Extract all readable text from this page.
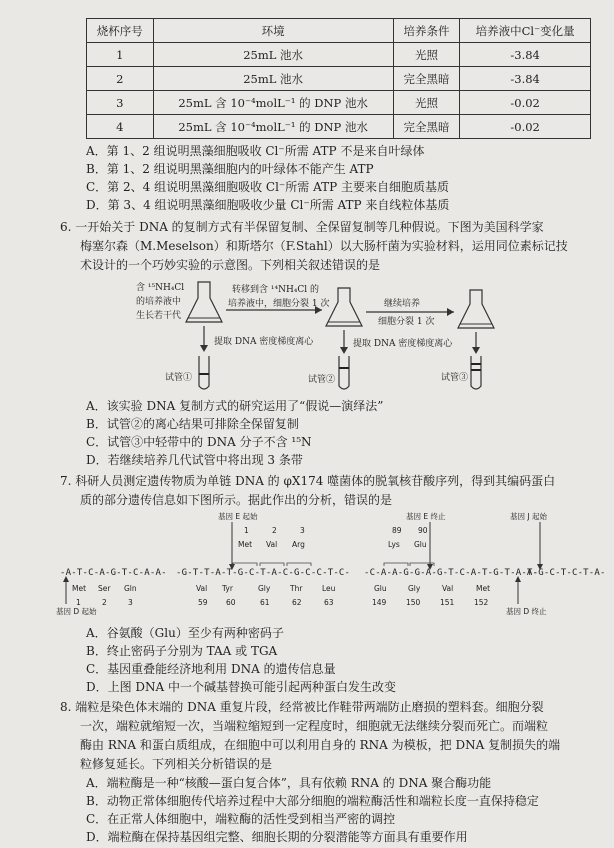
烧杯序号	环境	培养条件	培养液中Cl⁻变化量
1	25mL 池水	光照	-3.84
2	25mL 池水	完全黑暗	-3.84
3	25mL 含 10⁻⁴molL⁻¹ 的 DNP 池水	光照	-0.02
4	25mL 含 10⁻⁴molL⁻¹ 的 DNP 池水	完全黑暗	-0.02
A．第 1、2 组说明黑藻细胞吸收 Cl⁻所需 ATP 不是来自叶绿体
B．第 1、2 组说明黑藻细胞内的叶绿体不能产生 ATP
C．第 2、4 组说明黑藻细胞吸收 Cl⁻所需 ATP 主要来自细胞质基质
D．第 3、4 组说明黑藻细胞吸收少量 Cl⁻所需 ATP 来自线粒体基质
6. 一开始关于 DNA 的复制方式有半保留复制、全保留复制等几种假说。下图为美国科学家
梅塞尔森（M.Meselson）和斯塔尔（F.Stahl）以大肠杆菌为实验材料，运用同位素标记技
术设计的一个巧妙实验的示意图。下列相关叙述错误的是
含 ¹⁵NH₄Cl
的培养液中
生长若干代
转移到含 ¹⁴NH₄Cl 的
培养液中，细胞分裂 1 次	继续培养
细胞分裂 1 次
提取 DNA 密度梯度离心	提取 DNA 密度梯度离心
试管①	试管②	试管③
A．该实验 DNA 复制方式的研究运用了“假说—演绎法”
B．试管②的离心结果可排除全保留复制
C．试管③中轻带中的 DNA 分子不含 ¹⁵N
D．若继续培养几代试管中将出现 3 条带
7. 科研人员测定遗传物质为单链 DNA 的 φX174 噬菌体的脱氧核苷酸序列，得到其编码蛋白
质的部分遗传信息如下图所示。据此作出的分析，错误的是
基因 E 起始	基因 E 终止	基因 J 起始
1	2	3
Met Val Arg
89 90
Lys Glu
-A-T-C-A-G-T-C-A-A- -G-T-T-A-T-G-C-T-A-C-G-C-C-T-C- -C-A-A-G-G-A-G-T-C-A-T-G-T-A-A-
T-G-C-T-C-T-A-
Met Ser Gln
1	2	3
Val Tyr	Gly	Thr	Leu
59 60	61	62	63
Glu	Gly	Val	Met
149	150	151	152
基因 D 起始	基因 D 终止
A．谷氨酸（Glu）至少有两种密码子
B．终止密码子分别为 TAA 或 TGA
C．基因重叠能经济地利用 DNA 的遗传信息量
D．上图 DNA 中一个碱基替换可能引起两种蛋白发生改变
8. 端粒是染色体末端的 DNA 重复片段，经常被比作鞋带两端防止磨损的塑料套。细胞分裂
一次，端粒就缩短一次，当端粒缩短到一定程度时，细胞就无法继续分裂而死亡。而端粒
酶由 RNA 和蛋白质组成，在细胞中可以利用自身的 RNA 为模板，把 DNA 复制损失的端
粒修复延长。下列相关分析错误的是
A．端粒酶是一种“核酸—蛋白复合体”，具有依赖 RNA 的 DNA 聚合酶功能
B．动物正常体细胞传代培养过程中大部分细胞的端粒酶活性和端粒长度一直保持稳定
C．在正常人体细胞中，端粒酶的活性受到相当严密的调控
D．端粒酶在保持基因组完整、细胞长期的分裂潜能等方面具有重要作用
